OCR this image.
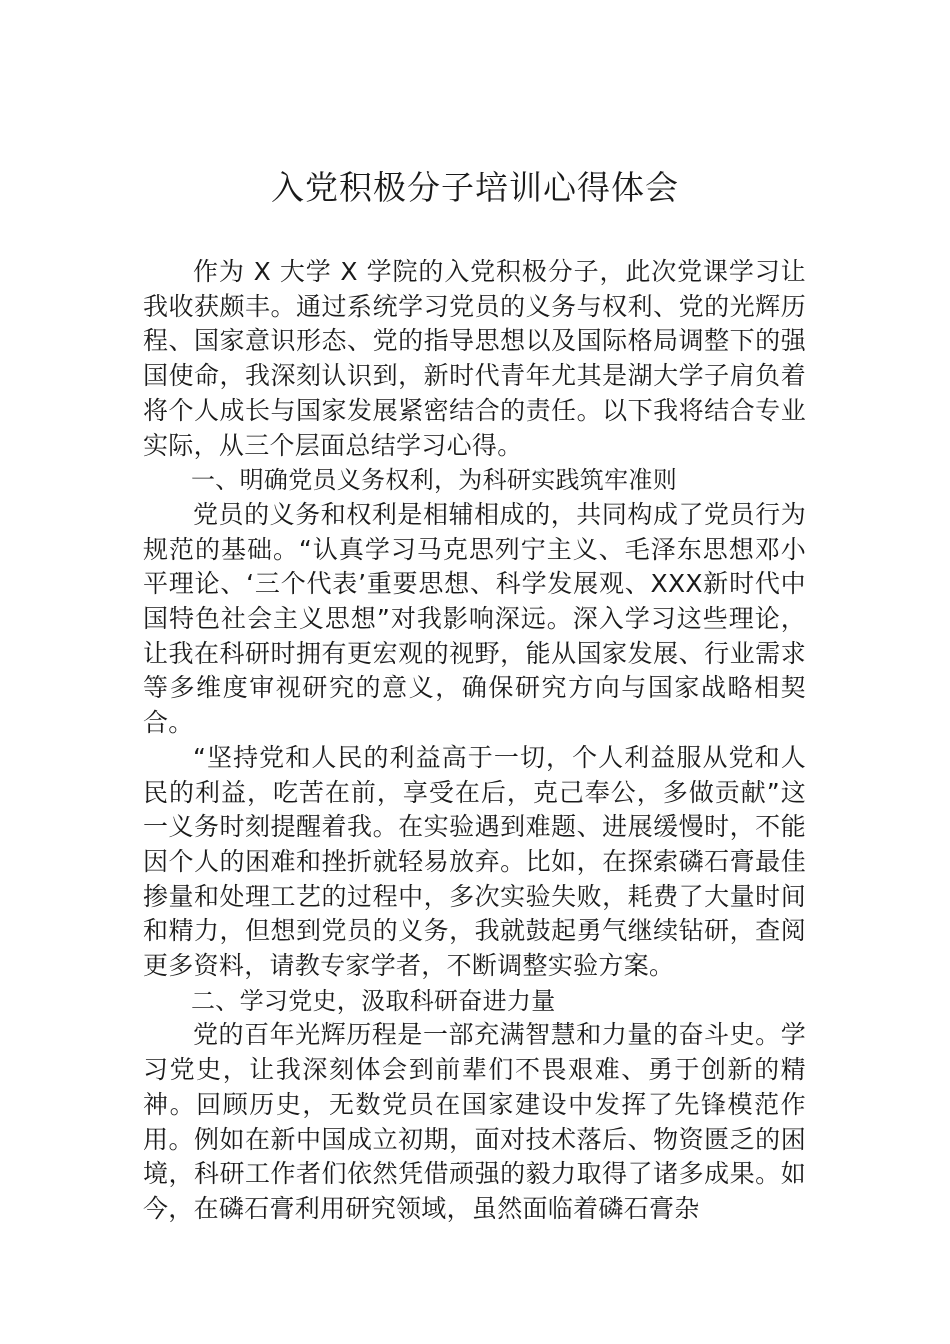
入党积极分子培训心得体会

作为 X 大学 X 学院的入党积极分子，此次党课学习让我收获颇丰。通过系统学习党员的义务与权利、党的光辉历程、国家意识形态、党的指导思想以及国际格局调整下的强国使命，我深刻认识到，新时代青年尤其是湖大学子肩负着将个人成长与国家发展紧密结合的责任。以下我将结合专业实际，从三个层面总结学习心得。

一、明确党员义务权利，为科研实践筑牢准则

党员的义务和权利是相辅相成的，共同构成了党员行为规范的基础。“认真学习马克思列宁主义、毛泽东思想邓小平理论、‘三个代表’重要思想、科学发展观、XXX新时代中国特色社会主义思想”对我影响深远。深入学习这些理论，让我在科研时拥有更宏观的视野，能从国家发展、行业需求等多维度审视研究的意义，确保研究方向与国家战略相契合。

“坚持党和人民的利益高于一切，个人利益服从党和人民的利益，吃苦在前，享受在后，克己奉公，多做贡献”这一义务时刻提醒着我。在实验遇到难题、进展缓慢时，不能因个人的困难和挫折就轻易放弃。比如，在探索磷石膏最佳掺量和处理工艺的过程中，多次实验失败，耗费了大量时间和精力，但想到党员的义务，我就鼓起勇气继续钻研，查阅更多资料，请教专家学者，不断调整实验方案。

二、学习党史，汲取科研奋进力量

党的百年光辉历程是一部充满智慧和力量的奋斗史。学习党史，让我深刻体会到前辈们不畏艰难、勇于创新的精神。回顾历史，无数党员在国家建设中发挥了先锋模范作用。例如在新中国成立初期，面对技术落后、物资匮乏的困境，科研工作者们依然凭借顽强的毅力取得了诸多成果。如今，在磷石膏利用研究领域，虽然面临着磷石膏杂
